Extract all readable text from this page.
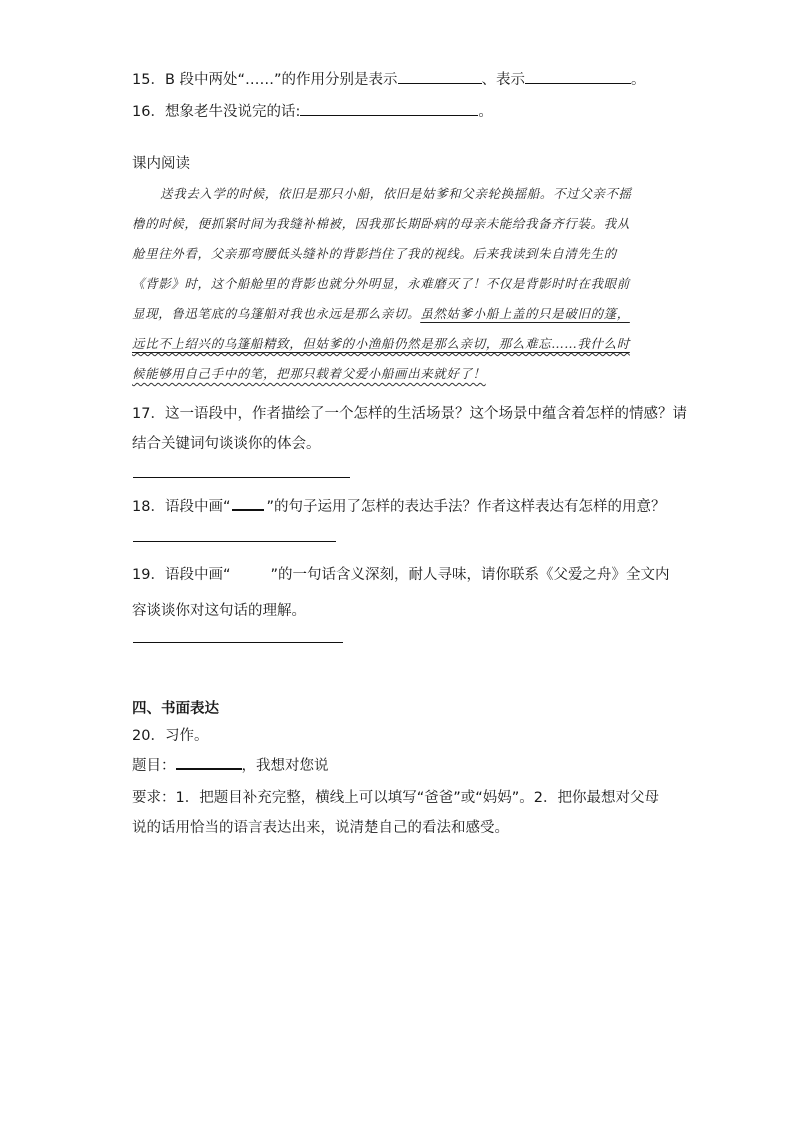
15．B 段中两处“……”的作用分别是表示	、表示	。
16．想象老牛没说完的话:	。
课内阅读
送我去入学的时候，依旧是那只小船，依旧是姑爹和父亲轮换摇船。不过父亲不摇
橹的时候，便抓紧时间为我缝补棉被，因我那长期卧病的母亲未能给我备齐行装。我从
舱里往外看，父亲那弯腰低头缝补的背影挡住了我的视线。后来我读到朱自清先生的
《背影》时，这个船舱里的背影也就分外明显，永难磨灭了！不仅是背影时时在我眼前
显现，鲁迅笔底的乌篷船对我也永远是那么亲切。虽然姑爹小船上盖的只是破旧的篷，
远比不上绍兴的乌篷船精致，但姑爹的小渔船仍然是那么亲切，那么难忘……我什么时
候能够用自己手中的笔，把那只载着父爱小船画出来就好了！
17．这一语段中，作者描绘了一个怎样的生活场景？这个场景中蕴含着怎样的情感？请
结合关键词句谈谈你的体会。
18．语段中画“ ”的句子运用了怎样的表达手法？作者这样表达有怎样的用意？
19．语段中画“	”的一句话含义深刻，耐人寻味，请你联系《父爱之舟》全文内
容谈谈你对这句话的理解。
四、书面表达
20．习作。
题目：	，我想对您说
要求：1．把题目补充完整，横线上可以填写“爸爸”或“妈妈”。2．把你最想对父母
说的话用恰当的语言表达出来，说清楚自己的看法和感受。
